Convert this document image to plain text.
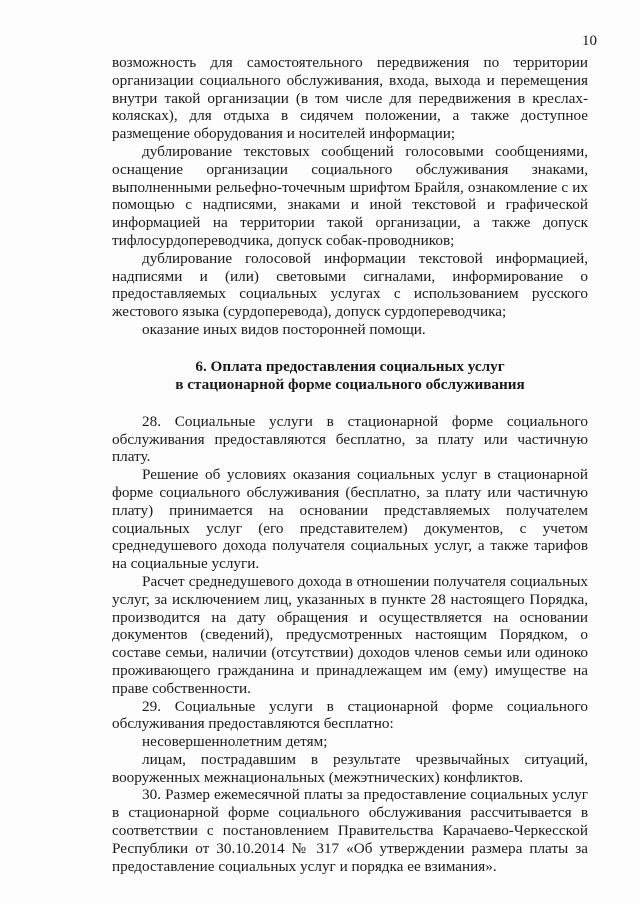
10

возможность для самостоятельного передвижения по территории организации социального обслуживания, входа, выхода и перемещения внутри такой организации (в том числе для передвижения в креслах-колясках), для отдыха в сидячем положении, а также доступное размещение оборудования и носителей информации;

дублирование текстовых сообщений голосовыми сообщениями, оснащение организации социального обслуживания знаками, выполненными рельефно-точечным шрифтом Брайля, ознакомление с их помощью с надписями, знаками и иной текстовой и графической информацией на территории такой организации, а также допуск тифлосурдопереводчика, допуск собак-проводников;

дублирование голосовой информации текстовой информацией, надписями и (или) световыми сигналами, информирование о предоставляемых социальных услугах с использованием русского жестового языка (сурдоперевода), допуск сурдопереводчика;

оказание иных видов посторонней помощи.

6. Оплата предоставления социальных услуг
в стационарной форме социального обслуживания

28. Социальные услуги в стационарной форме социального обслуживания предоставляются бесплатно, за плату или частичную плату.

Решение об условиях оказания социальных услуг в стационарной форме социального обслуживания (бесплатно, за плату или частичную плату) принимается на основании представляемых получателем социальных услуг (его представителем) документов, с учетом среднедушевого дохода получателя социальных услуг, а также тарифов на социальные услуги.

Расчет среднедушевого дохода в отношении получателя социальных услуг, за исключением лиц, указанных в пункте 28 настоящего Порядка, производится на дату обращения и осуществляется на основании документов (сведений), предусмотренных настоящим Порядком, о составе семьи, наличии (отсутствии) доходов членов семьи или одиноко проживающего гражданина и принадлежащем им (ему) имуществе на праве собственности.

29. Социальные услуги в стационарной форме социального обслуживания предоставляются бесплатно:

несовершеннолетним детям;

лицам, пострадавшим в результате чрезвычайных ситуаций, вооруженных межнациональных (межэтнических) конфликтов.

30. Размер ежемесячной платы за предоставление социальных услуг в стационарной форме социального обслуживания рассчитывается в соответствии с постановлением Правительства Карачаево-Черкесской Республики от 30.10.2014 № 317 «Об утверждении размера платы за предоставление социальных услуг и порядка ее взимания».
